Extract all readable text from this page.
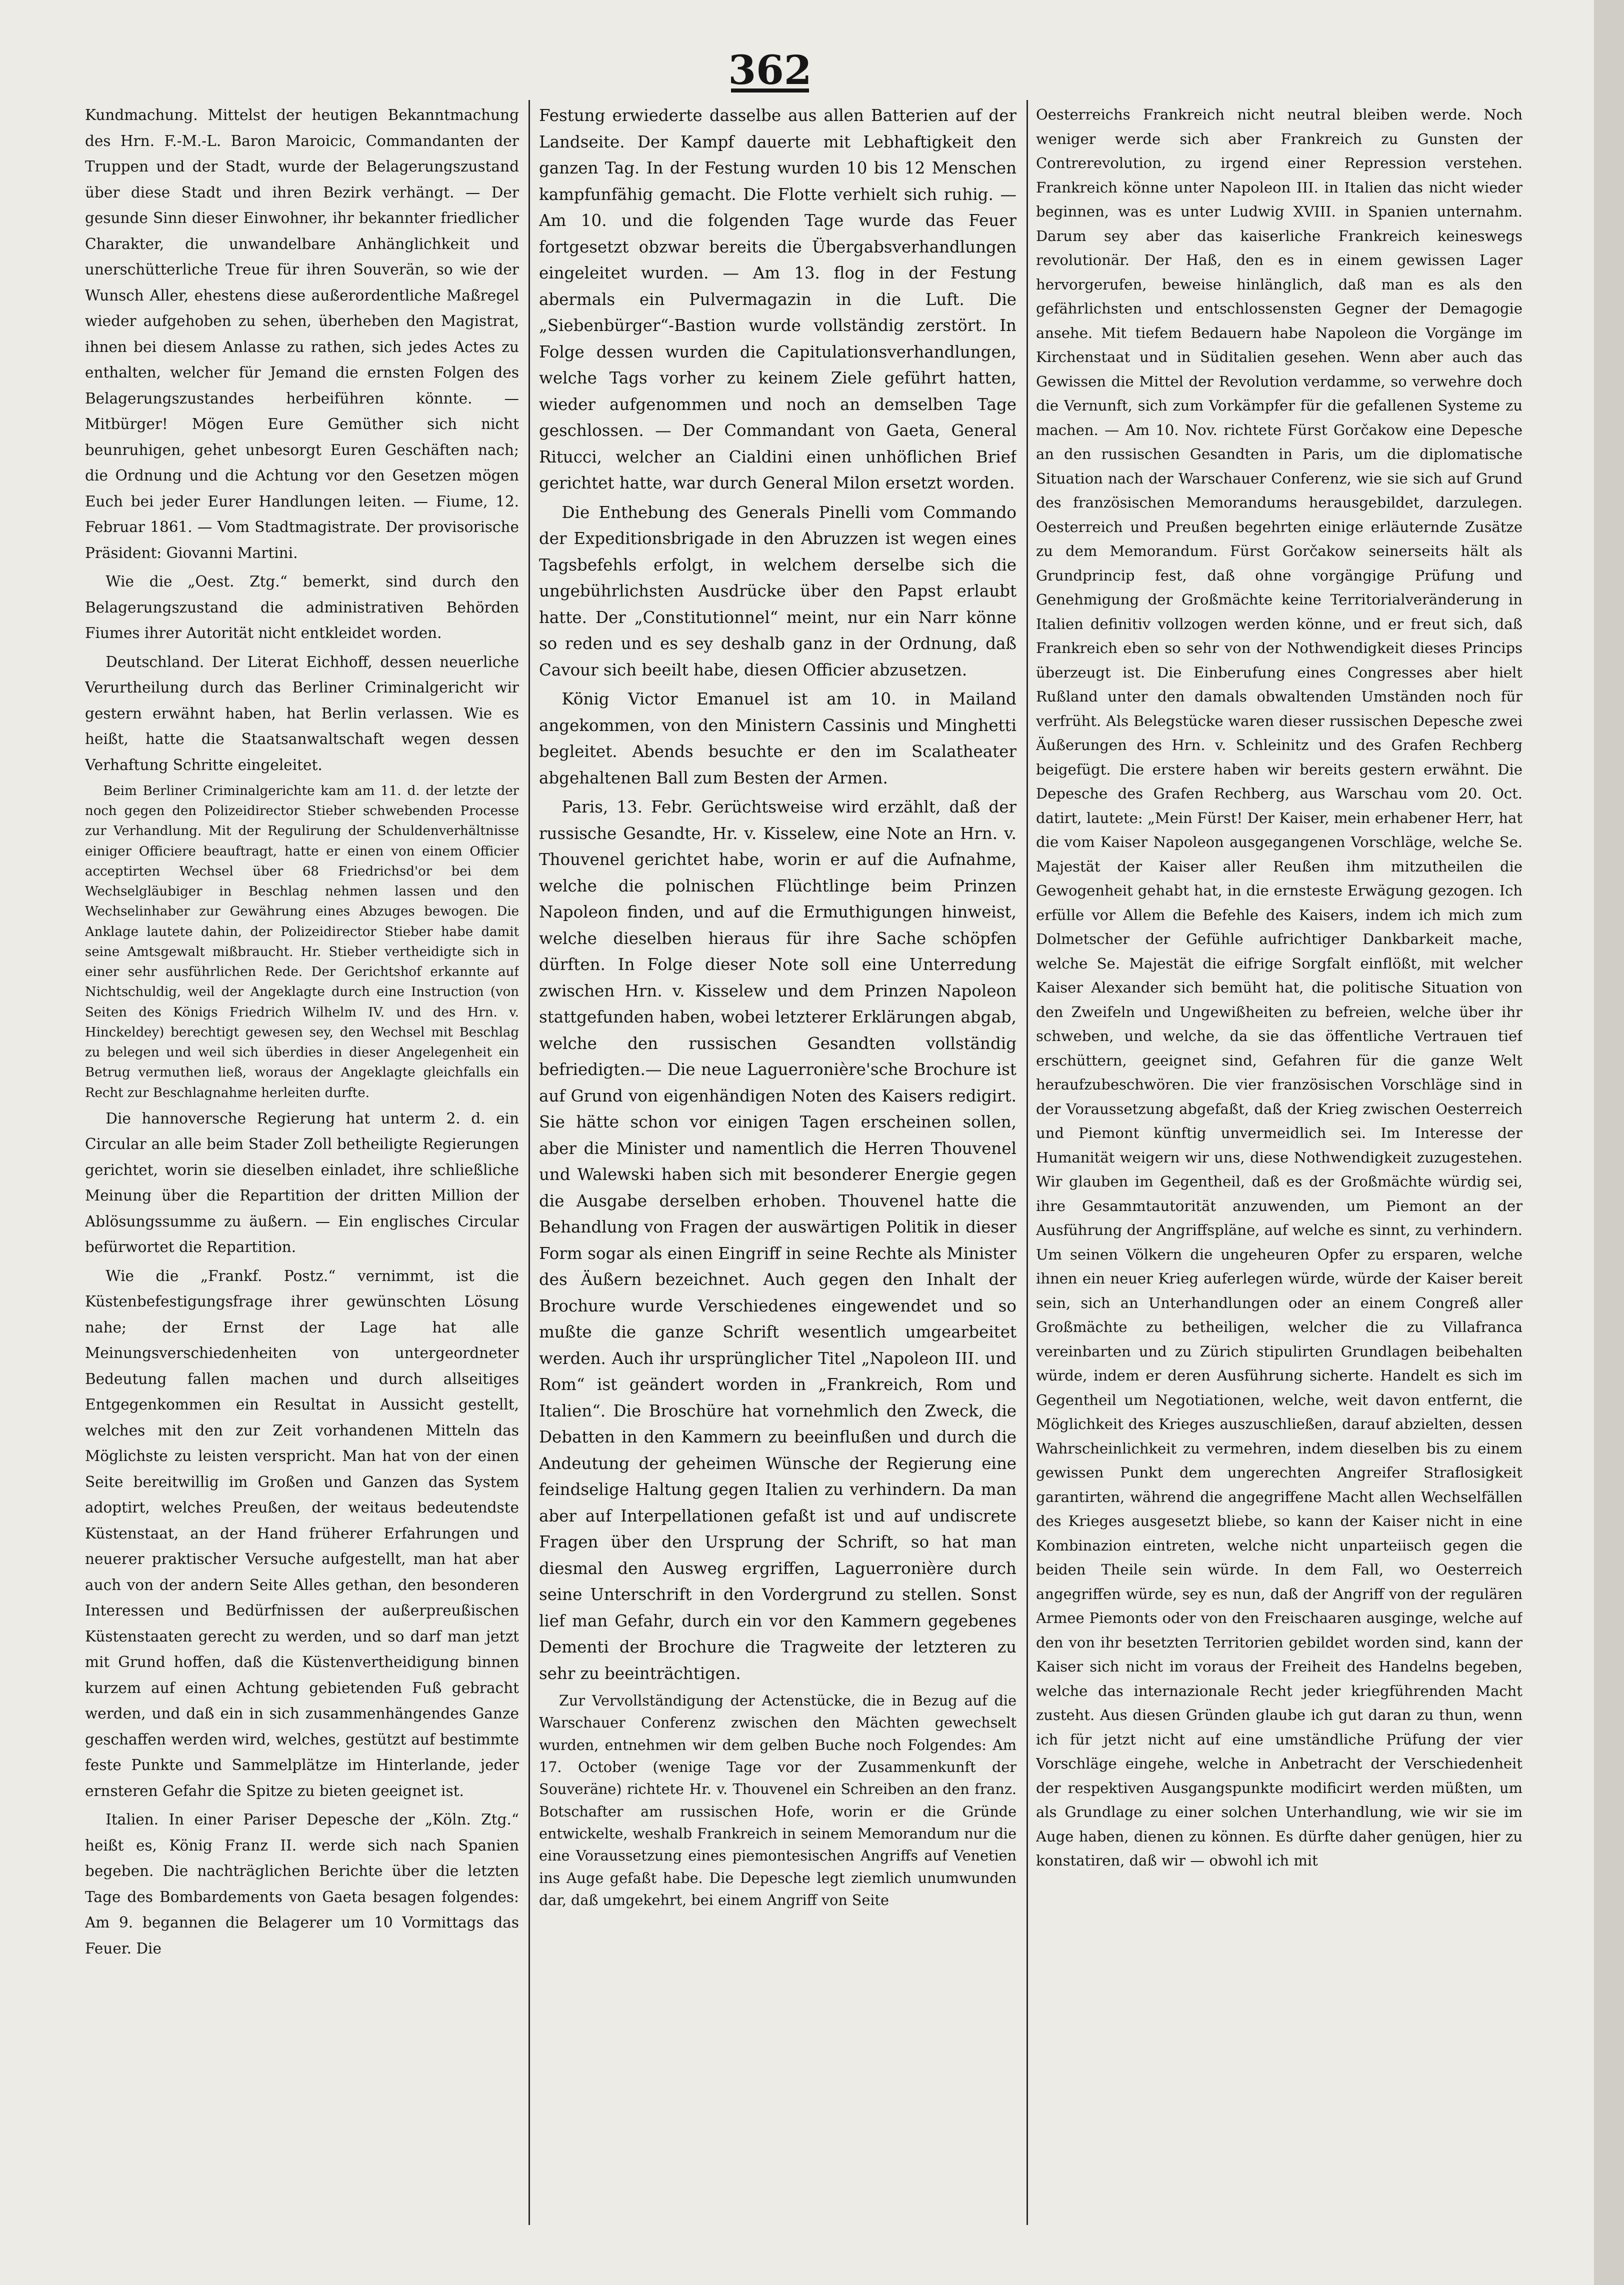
362

Kundmachung. Mittelst der heutigen Bekanntmachung des Hrn. F.-M.-L. Baron Maroicic, Commandanten der Truppen und der Stadt, wurde der Belagerungszustand über diese Stadt und ihren Bezirk verhängt. — Der gesunde Sinn dieser Einwohner, ihr bekannter friedlicher Charakter, die unwandelbare Anhänglichkeit und unerschütterliche Treue für ihren Souverän, so wie der Wunsch Aller, ehestens diese außerordentliche Maßregel wieder aufgehoben zu sehen, überheben den Magistrat, ihnen bei diesem Anlasse zu rathen, sich jedes Actes zu enthalten, welcher für Jemand die ernsten Folgen des Belagerungszustandes herbeiführen könnte. — Mitbürger! Mögen Eure Gemüther sich nicht beunruhigen, gehet unbesorgt Euren Geschäften nach; die Ordnung und die Achtung vor den Gesetzen mögen Euch bei jeder Eurer Handlungen leiten. — Fiume, 12. Februar 1861. — Vom Stadtmagistrate. Der provisorische Präsident: Giovanni Martini.

Wie die „Oest. Ztg.“ bemerkt, sind durch den Belagerungszustand die administrativen Behörden Fiumes ihrer Autorität nicht entkleidet worden.

Deutschland. Der Literat Eichhoff, dessen neuerliche Verurtheilung durch das Berliner Criminalgericht wir gestern erwähnt haben, hat Berlin verlassen. Wie es heißt, hatte die Staatsanwaltschaft wegen dessen Verhaftung Schritte eingeleitet.

Beim Berliner Criminalgerichte kam am 11. d. der letzte der noch gegen den Polizeidirector Stieber schwebenden Processe zur Verhandlung. Mit der Regulirung der Schuldenverhältnisse einiger Officiere beauftragt, hatte er einen von einem Officier acceptirten Wechsel über 68 Friedrichsd'or bei dem Wechselgläubiger in Beschlag nehmen lassen und den Wechselinhaber zur Gewährung eines Abzuges bewogen. Die Anklage lautete dahin, der Polizeidirector Stieber habe damit seine Amtsgewalt mißbraucht. Hr. Stieber vertheidigte sich in einer sehr ausführlichen Rede. Der Gerichtshof erkannte auf Nichtschuldig, weil der Angeklagte durch eine Instruction (von Seiten des Königs Friedrich Wilhelm IV. und des Hrn. v. Hinckeldey) berechtigt gewesen sey, den Wechsel mit Beschlag zu belegen und weil sich überdies in dieser Angelegenheit ein Betrug vermuthen ließ, woraus der Angeklagte gleichfalls ein Recht zur Beschlagnahme herleiten durfte.

Die hannoversche Regierung hat unterm 2. d. ein Circular an alle beim Stader Zoll betheiligte Regierungen gerichtet, worin sie dieselben einladet, ihre schließliche Meinung über die Repartition der dritten Million der Ablösungssumme zu äußern. — Ein englisches Circular befürwortet die Repartition.

Wie die „Frankf. Postz.“ vernimmt, ist die Küstenbefestigungsfrage ihrer gewünschten Lösung nahe; der Ernst der Lage hat alle Meinungsverschiedenheiten von untergeordneter Bedeutung fallen machen und durch allseitiges Entgegenkommen ein Resultat in Aussicht gestellt, welches mit den zur Zeit vorhandenen Mitteln das Möglichste zu leisten verspricht. Man hat von der einen Seite bereitwillig im Großen und Ganzen das System adoptirt, welches Preußen, der weitaus bedeutendste Küstenstaat, an der Hand früherer Erfahrungen und neuerer praktischer Versuche aufgestellt, man hat aber auch von der andern Seite Alles gethan, den besonderen Interessen und Bedürfnissen der außerpreußischen Küstenstaaten gerecht zu werden, und so darf man jetzt mit Grund hoffen, daß die Küstenvertheidigung binnen kurzem auf einen Achtung gebietenden Fuß gebracht werden, und daß ein in sich zusammenhängendes Ganze geschaffen werden wird, welches, gestützt auf bestimmte feste Punkte und Sammelplätze im Hinterlande, jeder ernsteren Gefahr die Spitze zu bieten geeignet ist.

Italien. In einer Pariser Depesche der „Köln. Ztg.“ heißt es, König Franz II. werde sich nach Spanien begeben. Die nachträglichen Berichte über die letzten Tage des Bombardements von Gaeta besagen folgendes: Am 9. begannen die Belagerer um 10 Vormittags das Feuer. Die

Festung erwiederte dasselbe aus allen Batterien auf der Landseite. Der Kampf dauerte mit Lebhaftigkeit den ganzen Tag. In der Festung wurden 10 bis 12 Menschen kampfunfähig gemacht. Die Flotte verhielt sich ruhig. — Am 10. und die folgenden Tage wurde das Feuer fortgesetzt obzwar bereits die Übergabsverhandlungen eingeleitet wurden. — Am 13. flog in der Festung abermals ein Pulvermagazin in die Luft. Die „Siebenbürger“-Bastion wurde vollständig zerstört. In Folge dessen wurden die Capitulationsverhandlungen, welche Tags vorher zu keinem Ziele geführt hatten, wieder aufgenommen und noch an demselben Tage geschlossen. — Der Commandant von Gaeta, General Ritucci, welcher an Cialdini einen unhöflichen Brief gerichtet hatte, war durch General Milon ersetzt worden.

Die Enthebung des Generals Pinelli vom Commando der Expeditionsbrigade in den Abruzzen ist wegen eines Tagsbefehls erfolgt, in welchem derselbe sich die ungebührlichsten Ausdrücke über den Papst erlaubt hatte. Der „Constitutionnel“ meint, nur ein Narr könne so reden und es sey deshalb ganz in der Ordnung, daß Cavour sich beeilt habe, diesen Officier abzusetzen.

König Victor Emanuel ist am 10. in Mailand angekommen, von den Ministern Cassinis und Minghetti begleitet. Abends besuchte er den im Scalatheater abgehaltenen Ball zum Besten der Armen.

Paris, 13. Febr. Gerüchtsweise wird erzählt, daß der russische Gesandte, Hr. v. Kisselew, eine Note an Hrn. v. Thouvenel gerichtet habe, worin er auf die Aufnahme, welche die polnischen Flüchtlinge beim Prinzen Napoleon finden, und auf die Ermuthigungen hinweist, welche dieselben hieraus für ihre Sache schöpfen dürften. In Folge dieser Note soll eine Unterredung zwischen Hrn. v. Kisselew und dem Prinzen Napoleon stattgefunden haben, wobei letzterer Erklärungen abgab, welche den russischen Gesandten vollständig befriedigten.— Die neue Laguerronière'sche Brochure ist auf Grund von eigenhändigen Noten des Kaisers redigirt. Sie hätte schon vor einigen Tagen erscheinen sollen, aber die Minister und namentlich die Herren Thouvenel und Walewski haben sich mit besonderer Energie gegen die Ausgabe derselben erhoben. Thouvenel hatte die Behandlung von Fragen der auswärtigen Politik in dieser Form sogar als einen Eingriff in seine Rechte als Minister des Äußern bezeichnet. Auch gegen den Inhalt der Brochure wurde Verschiedenes eingewendet und so mußte die ganze Schrift wesentlich umgearbeitet werden. Auch ihr ursprünglicher Titel „Napoleon III. und Rom“ ist geändert worden in „Frankreich, Rom und Italien“. Die Broschüre hat vornehmlich den Zweck, die Debatten in den Kammern zu beeinflußen und durch die Andeutung der geheimen Wünsche der Regierung eine feindselige Haltung gegen Italien zu verhindern. Da man aber auf Interpellationen gefaßt ist und auf undiscrete Fragen über den Ursprung der Schrift, so hat man diesmal den Ausweg ergriffen, Laguerronière durch seine Unterschrift in den Vordergrund zu stellen. Sonst lief man Gefahr, durch ein vor den Kammern gegebenes Dementi der Brochure die Tragweite der letzteren zu sehr zu beeinträchtigen.

Zur Vervollständigung der Actenstücke, die in Bezug auf die Warschauer Conferenz zwischen den Mächten gewechselt wurden, entnehmen wir dem gelben Buche noch Folgendes: Am 17. October (wenige Tage vor der Zusammenkunft der Souveräne) richtete Hr. v. Thouvenel ein Schreiben an den franz. Botschafter am russischen Hofe, worin er die Gründe entwickelte, weshalb Frankreich in seinem Memorandum nur die eine Voraussetzung eines piemontesischen Angriffs auf Venetien ins Auge gefaßt habe. Die Depesche legt ziemlich unumwunden dar, daß umgekehrt, bei einem Angriff von Seite

Oesterreichs Frankreich nicht neutral bleiben werde. Noch weniger werde sich aber Frankreich zu Gunsten der Contrerevolution, zu irgend einer Repression verstehen. Frankreich könne unter Napoleon III. in Italien das nicht wieder beginnen, was es unter Ludwig XVIII. in Spanien unternahm. Darum sey aber das kaiserliche Frankreich keineswegs revolutionär. Der Haß, den es in einem gewissen Lager hervorgerufen, beweise hinlänglich, daß man es als den gefährlichsten und entschlossensten Gegner der Demagogie ansehe. Mit tiefem Bedauern habe Napoleon die Vorgänge im Kirchenstaat und in Süditalien gesehen. Wenn aber auch das Gewissen die Mittel der Revolution verdamme, so verwehre doch die Vernunft, sich zum Vorkämpfer für die gefallenen Systeme zu machen. — Am 10. Nov. richtete Fürst Gorčakow eine Depesche an den russischen Gesandten in Paris, um die diplomatische Situation nach der Warschauer Conferenz, wie sie sich auf Grund des französischen Memorandums herausgebildet, darzulegen. Oesterreich und Preußen begehrten einige erläuternde Zusätze zu dem Memorandum. Fürst Gorčakow seinerseits hält als Grundprincip fest, daß ohne vorgängige Prüfung und Genehmigung der Großmächte keine Territorialveränderung in Italien definitiv vollzogen werden könne, und er freut sich, daß Frankreich eben so sehr von der Nothwendigkeit dieses Princips überzeugt ist. Die Einberufung eines Congresses aber hielt Rußland unter den damals obwaltenden Umständen noch für verfrüht. Als Belegstücke waren dieser russischen Depesche zwei Äußerungen des Hrn. v. Schleinitz und des Grafen Rechberg beigefügt. Die erstere haben wir bereits gestern erwähnt. Die Depesche des Grafen Rechberg, aus Warschau vom 20. Oct. datirt, lautete: „Mein Fürst! Der Kaiser, mein erhabener Herr, hat die vom Kaiser Napoleon ausgegangenen Vorschläge, welche Se. Majestät der Kaiser aller Reußen ihm mitzutheilen die Gewogenheit gehabt hat, in die ernsteste Erwägung gezogen. Ich erfülle vor Allem die Befehle des Kaisers, indem ich mich zum Dolmetscher der Gefühle aufrichtiger Dankbarkeit mache, welche Se. Majestät die eifrige Sorgfalt einflößt, mit welcher Kaiser Alexander sich bemüht hat, die politische Situation von den Zweifeln und Ungewißheiten zu befreien, welche über ihr schweben, und welche, da sie das öffentliche Vertrauen tief erschüttern, geeignet sind, Gefahren für die ganze Welt heraufzubeschwören. Die vier französischen Vorschläge sind in der Voraussetzung abgefaßt, daß der Krieg zwischen Oesterreich und Piemont künftig unvermeidlich sei. Im Interesse der Humanität weigern wir uns, diese Nothwendigkeit zuzugestehen. Wir glauben im Gegentheil, daß es der Großmächte würdig sei, ihre Gesammtautorität anzuwenden, um Piemont an der Ausführung der Angriffspläne, auf welche es sinnt, zu verhindern. Um seinen Völkern die ungeheuren Opfer zu ersparen, welche ihnen ein neuer Krieg auferlegen würde, würde der Kaiser bereit sein, sich an Unterhandlungen oder an einem Congreß aller Großmächte zu betheiligen, welcher die zu Villafranca vereinbarten und zu Zürich stipulirten Grundlagen beibehalten würde, indem er deren Ausführung sicherte. Handelt es sich im Gegentheil um Negotiationen, welche, weit davon entfernt, die Möglichkeit des Krieges auszuschließen, darauf abzielten, dessen Wahrscheinlichkeit zu vermehren, indem dieselben bis zu einem gewissen Punkt dem ungerechten Angreifer Straflosigkeit garantirten, während die angegriffene Macht allen Wechselfällen des Krieges ausgesetzt bliebe, so kann der Kaiser nicht in eine Kombinazion eintreten, welche nicht unparteiisch gegen die beiden Theile sein würde. In dem Fall, wo Oesterreich angegriffen würde, sey es nun, daß der Angriff von der regulären Armee Piemonts oder von den Freischaaren ausginge, welche auf den von ihr besetzten Territorien gebildet worden sind, kann der Kaiser sich nicht im voraus der Freiheit des Handelns begeben, welche das internazionale Recht jeder kriegführenden Macht zusteht. Aus diesen Gründen glaube ich gut daran zu thun, wenn ich für jetzt nicht auf eine umständliche Prüfung der vier Vorschläge eingehe, welche in Anbetracht der Verschiedenheit der respektiven Ausgangspunkte modificirt werden müßten, um als Grundlage zu einer solchen Unterhandlung, wie wir sie im Auge haben, dienen zu können. Es dürfte daher genügen, hier zu konstatiren, daß wir — obwohl ich mit
